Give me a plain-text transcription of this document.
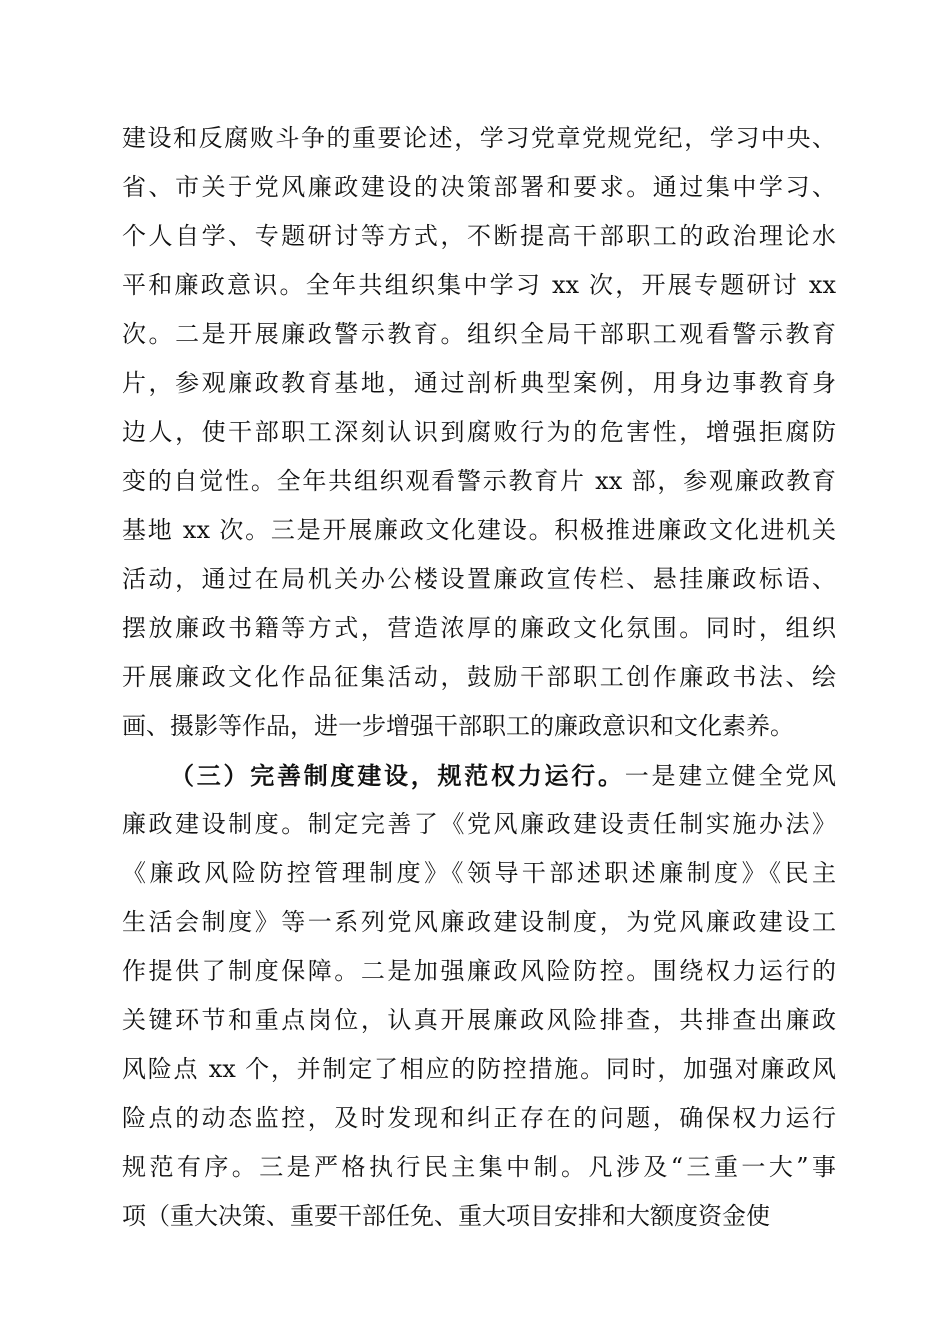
建设和反腐败斗争的重要论述，学习党章党规党纪，学习中央、
省、市关于党风廉政建设的决策部署和要求。通过集中学习、
个人自学、专题研讨等方式，不断提高干部职工的政治理论水
平和廉政意识。全年共组织集中学习 xx 次，开展专题研讨 xx
次。二是开展廉政警示教育。组织全局干部职工观看警示教育
片，参观廉政教育基地，通过剖析典型案例，用身边事教育身
边人，使干部职工深刻认识到腐败行为的危害性，增强拒腐防
变的自觉性。全年共组织观看警示教育片 xx 部，参观廉政教育
基地 xx 次。三是开展廉政文化建设。积极推进廉政文化进机关
活动，通过在局机关办公楼设置廉政宣传栏、悬挂廉政标语、
摆放廉政书籍等方式，营造浓厚的廉政文化氛围。同时，组织
开展廉政文化作品征集活动，鼓励干部职工创作廉政书法、绘
画、摄影等作品，进一步增强干部职工的廉政意识和文化素养。
（三）完善制度建设，规范权力运行。一是建立健全党风
廉政建设制度。制定完善了《党风廉政建设责任制实施办法》
《廉政风险防控管理制度》《领导干部述职述廉制度》《民主
生活会制度》等一系列党风廉政建设制度，为党风廉政建设工
作提供了制度保障。二是加强廉政风险防控。围绕权力运行的
关键环节和重点岗位，认真开展廉政风险排查，共排查出廉政
风险点 xx 个，并制定了相应的防控措施。同时，加强对廉政风
险点的动态监控，及时发现和纠正存在的问题，确保权力运行
规范有序。三是严格执行民主集中制。凡涉及“三重一大”事
项（重大决策、重要干部任免、重大项目安排和大额度资金使
